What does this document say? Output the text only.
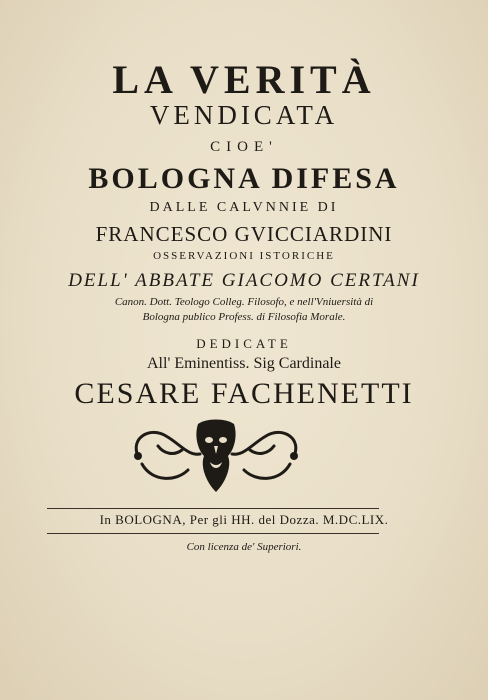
LA VERITÀ
VENDICATA
CIOE'
BOLOGNA DIFESA
DALLE CALVNNIE DI
FRANCESCO GVICCIARDINI
OSSERVAZIONI ISTORICHE
DELL' ABBATE GIACOMO CERTANI
Canon. Dott. Teologo Colleg. Filosofo, e nell'Vniuersità di
Bologna publico Profess. di Filosofia Morale.
DEDICATE
All' Eminentiss. Sig Cardinale
CESARE FACHENETTI
In BOLOGNA, Per gli HH. del Dozza. M.DC.LIX.
Con licenza de' Superiori.
